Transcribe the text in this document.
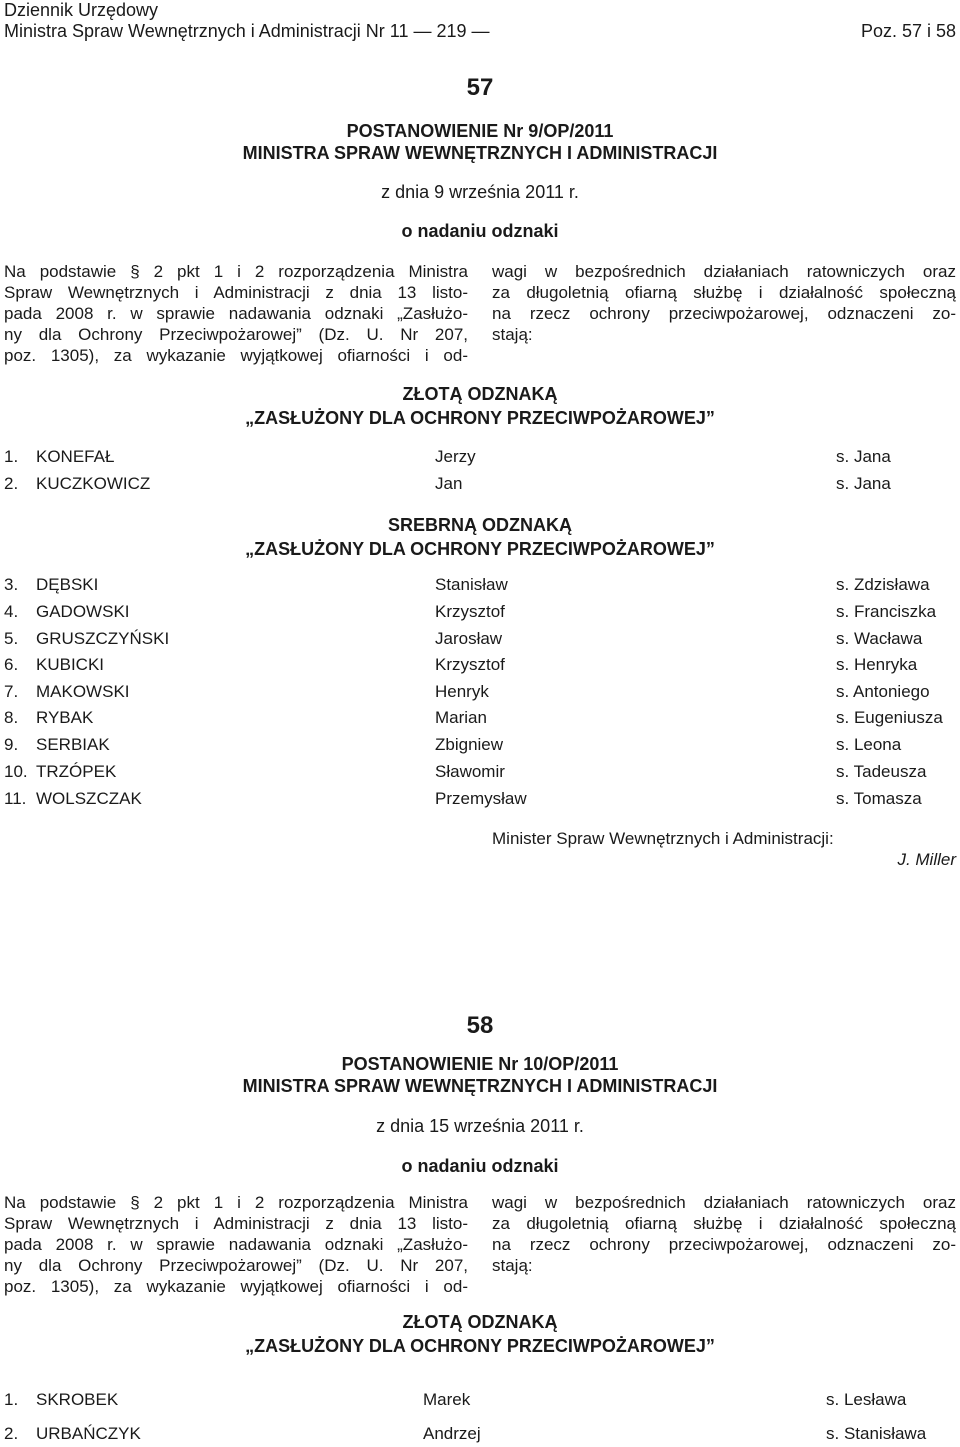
Dziennik Urzędowy
Ministra Spraw Wewnętrznych i Administracji Nr 11 — 219 —	Poz. 57 i 58
57
POSTANOWIENIE Nr 9/OP/2011
MINISTRA SPRAW WEWNĘTRZNYCH I ADMINISTRACJI
z dnia 9 września 2011 r.
o nadaniu odznaki
Na podstawie § 2 pkt 1 i 2 rozporządzenia Ministra
Spraw Wewnętrznych i Administracji z dnia 13 listo-
pada 2008 r. w sprawie nadawania odznaki „Zasłużo-
ny dla Ochrony Przeciwpożarowej” (Dz. U. Nr 207,
poz. 1305), za wykazanie wyjątkowej ofiarności i od-
wagi w bezpośrednich działaniach ratowniczych oraz
za długoletnią ofiarną służbę i działalność społeczną
na rzecz ochrony przeciwpożarowej, odznaczeni zo-
stają:
ZŁOTĄ ODZNAKĄ
„ZASŁUŻONY DLA OCHRONY PRZECIWPOŻAROWEJ”
1. KONEFAŁ	Jerzy	s. Jana
2. KUCZKOWICZ	Jan	s. Jana
SREBRNĄ ODZNAKĄ
„ZASŁUŻONY DLA OCHRONY PRZECIWPOŻAROWEJ”
3. DĘBSKI	Stanisław	s. Zdzisława
4. GADOWSKI	Krzysztof	s. Franciszka
5. GRUSZCZYŃSKI	Jarosław	s. Wacława
6. KUBICKI	Krzysztof	s. Henryka
7. MAKOWSKI	Henryk	s. Antoniego
8. RYBAK	Marian	s. Eugeniusza
9. SERBIAK	Zbigniew	s. Leona
10. TRZÓPEK	Sławomir	s. Tadeusza
11. WOLSZCZAK	Przemysław	s. Tomasza
Minister Spraw Wewnętrznych i Administracji:
J. Miller
58
POSTANOWIENIE Nr 10/OP/2011
MINISTRA SPRAW WEWNĘTRZNYCH I ADMINISTRACJI
z dnia 15 września 2011 r.
o nadaniu odznaki
Na podstawie § 2 pkt 1 i 2 rozporządzenia Ministra
Spraw Wewnętrznych i Administracji z dnia 13 listo-
pada 2008 r. w sprawie nadawania odznaki „Zasłużo-
ny dla Ochrony Przeciwpożarowej” (Dz. U. Nr 207,
poz. 1305), za wykazanie wyjątkowej ofiarności i od-
wagi w bezpośrednich działaniach ratowniczych oraz
za długoletnią ofiarną służbę i działalność społeczną
na rzecz ochrony przeciwpożarowej, odznaczeni zo-
stają:
ZŁOTĄ ODZNAKĄ
„ZASŁUŻONY DLA OCHRONY PRZECIWPOŻAROWEJ”
1. SKROBEK	Marek	s. Lesława
2. URBAŃCZYK	Andrzej	s. Stanisława
